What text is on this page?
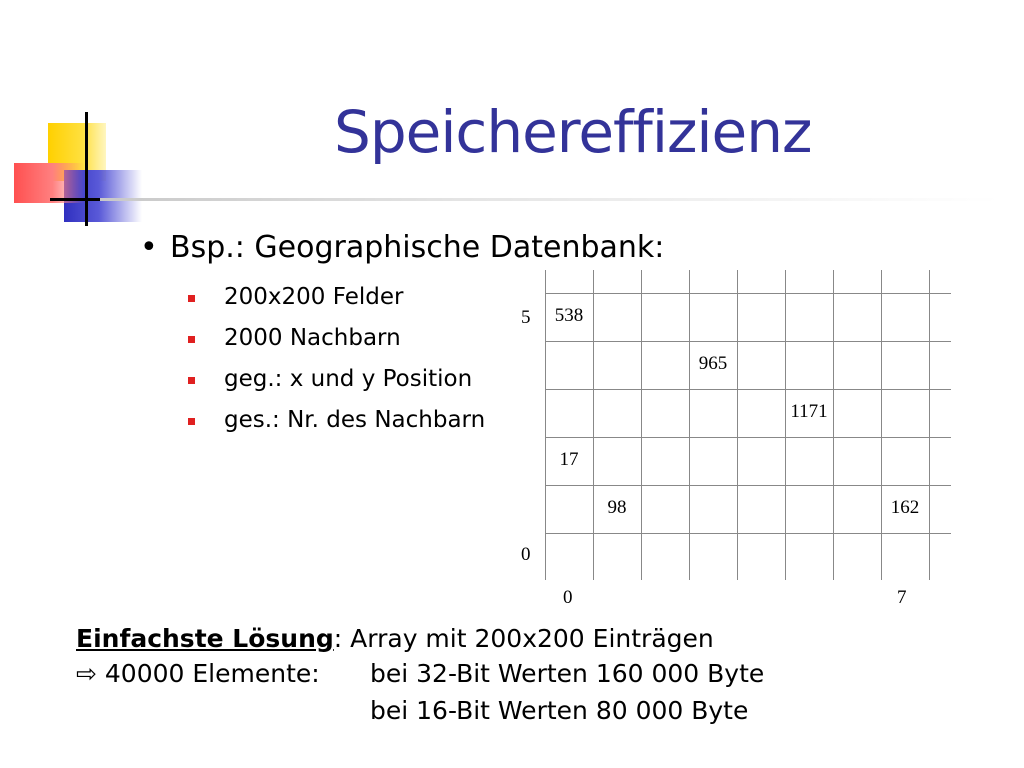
Speichereffizienz
• Bsp.: Geographische Datenbank:
200x200 Felder
2000 Nachbarn
geg.: x und y Position
ges.: Nr. des Nachbarn
538
965
1171
17
98	162
5
0
0	7
Einfachste Lösung: Array mit 200x200 Einträgen
⇨ 40000 Elemente: bei 32-Bit Werten 160 000 Byte
bei 16-Bit Werten 80 000 Byte
